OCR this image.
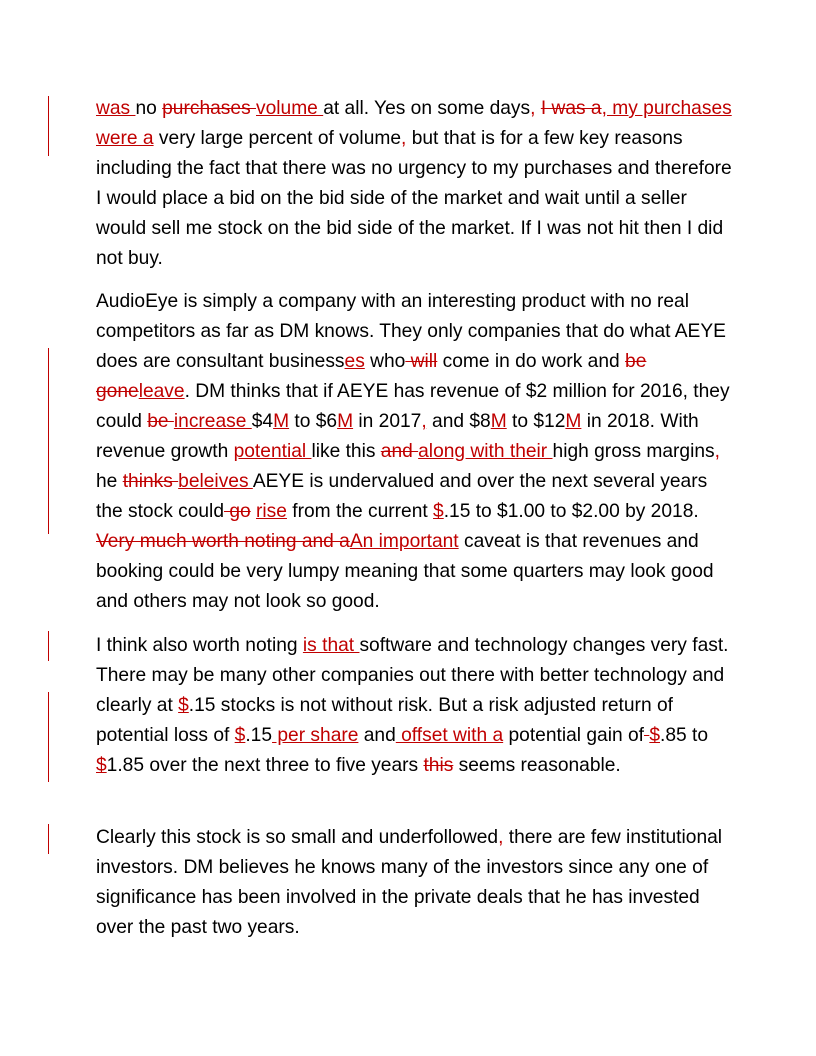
was no purchases volume at all. Yes on some days, I was a, my purchases were a very large percent of volume, but that is for a few key reasons including the fact that there was no urgency to my purchases and therefore I would place a bid on the bid side of the market and wait until a seller would sell me stock on the bid side of the market. If I was not hit then I did not buy.

AudioEye is simply a company with an interesting product with no real competitors as far as DM knows. They only companies that do what AEYE does are consultant businesses who will come in do work and be goneleave. DM thinks that if AEYE has revenue of $2 million for 2016, they could be increase $4M to $6M in 2017, and $8M to $12M in 2018. With revenue growth potential like this and along with their high gross margins, he thinks beleives AEYE is undervalued and over the next several years the stock could go rise from the current $.15 to $1.00 to $2.00 by 2018. Very much worth noting and aAn important caveat is that revenues and booking could be very lumpy meaning that some quarters may look good and others may not look so good.

I think also worth noting is that software and technology changes very fast. There may be many other companies out there with better technology and clearly at $.15 stocks is not without risk. But a risk adjusted return of potential loss of $.15 per share and offset with a potential gain of $.85 to $1.85 over the next three to five years this seems reasonable.

Clearly this stock is so small and underfollowed, there are few institutional investors. DM believes he knows many of the investors since any one of significance has been involved in the private deals that he has invested over the past two years.
